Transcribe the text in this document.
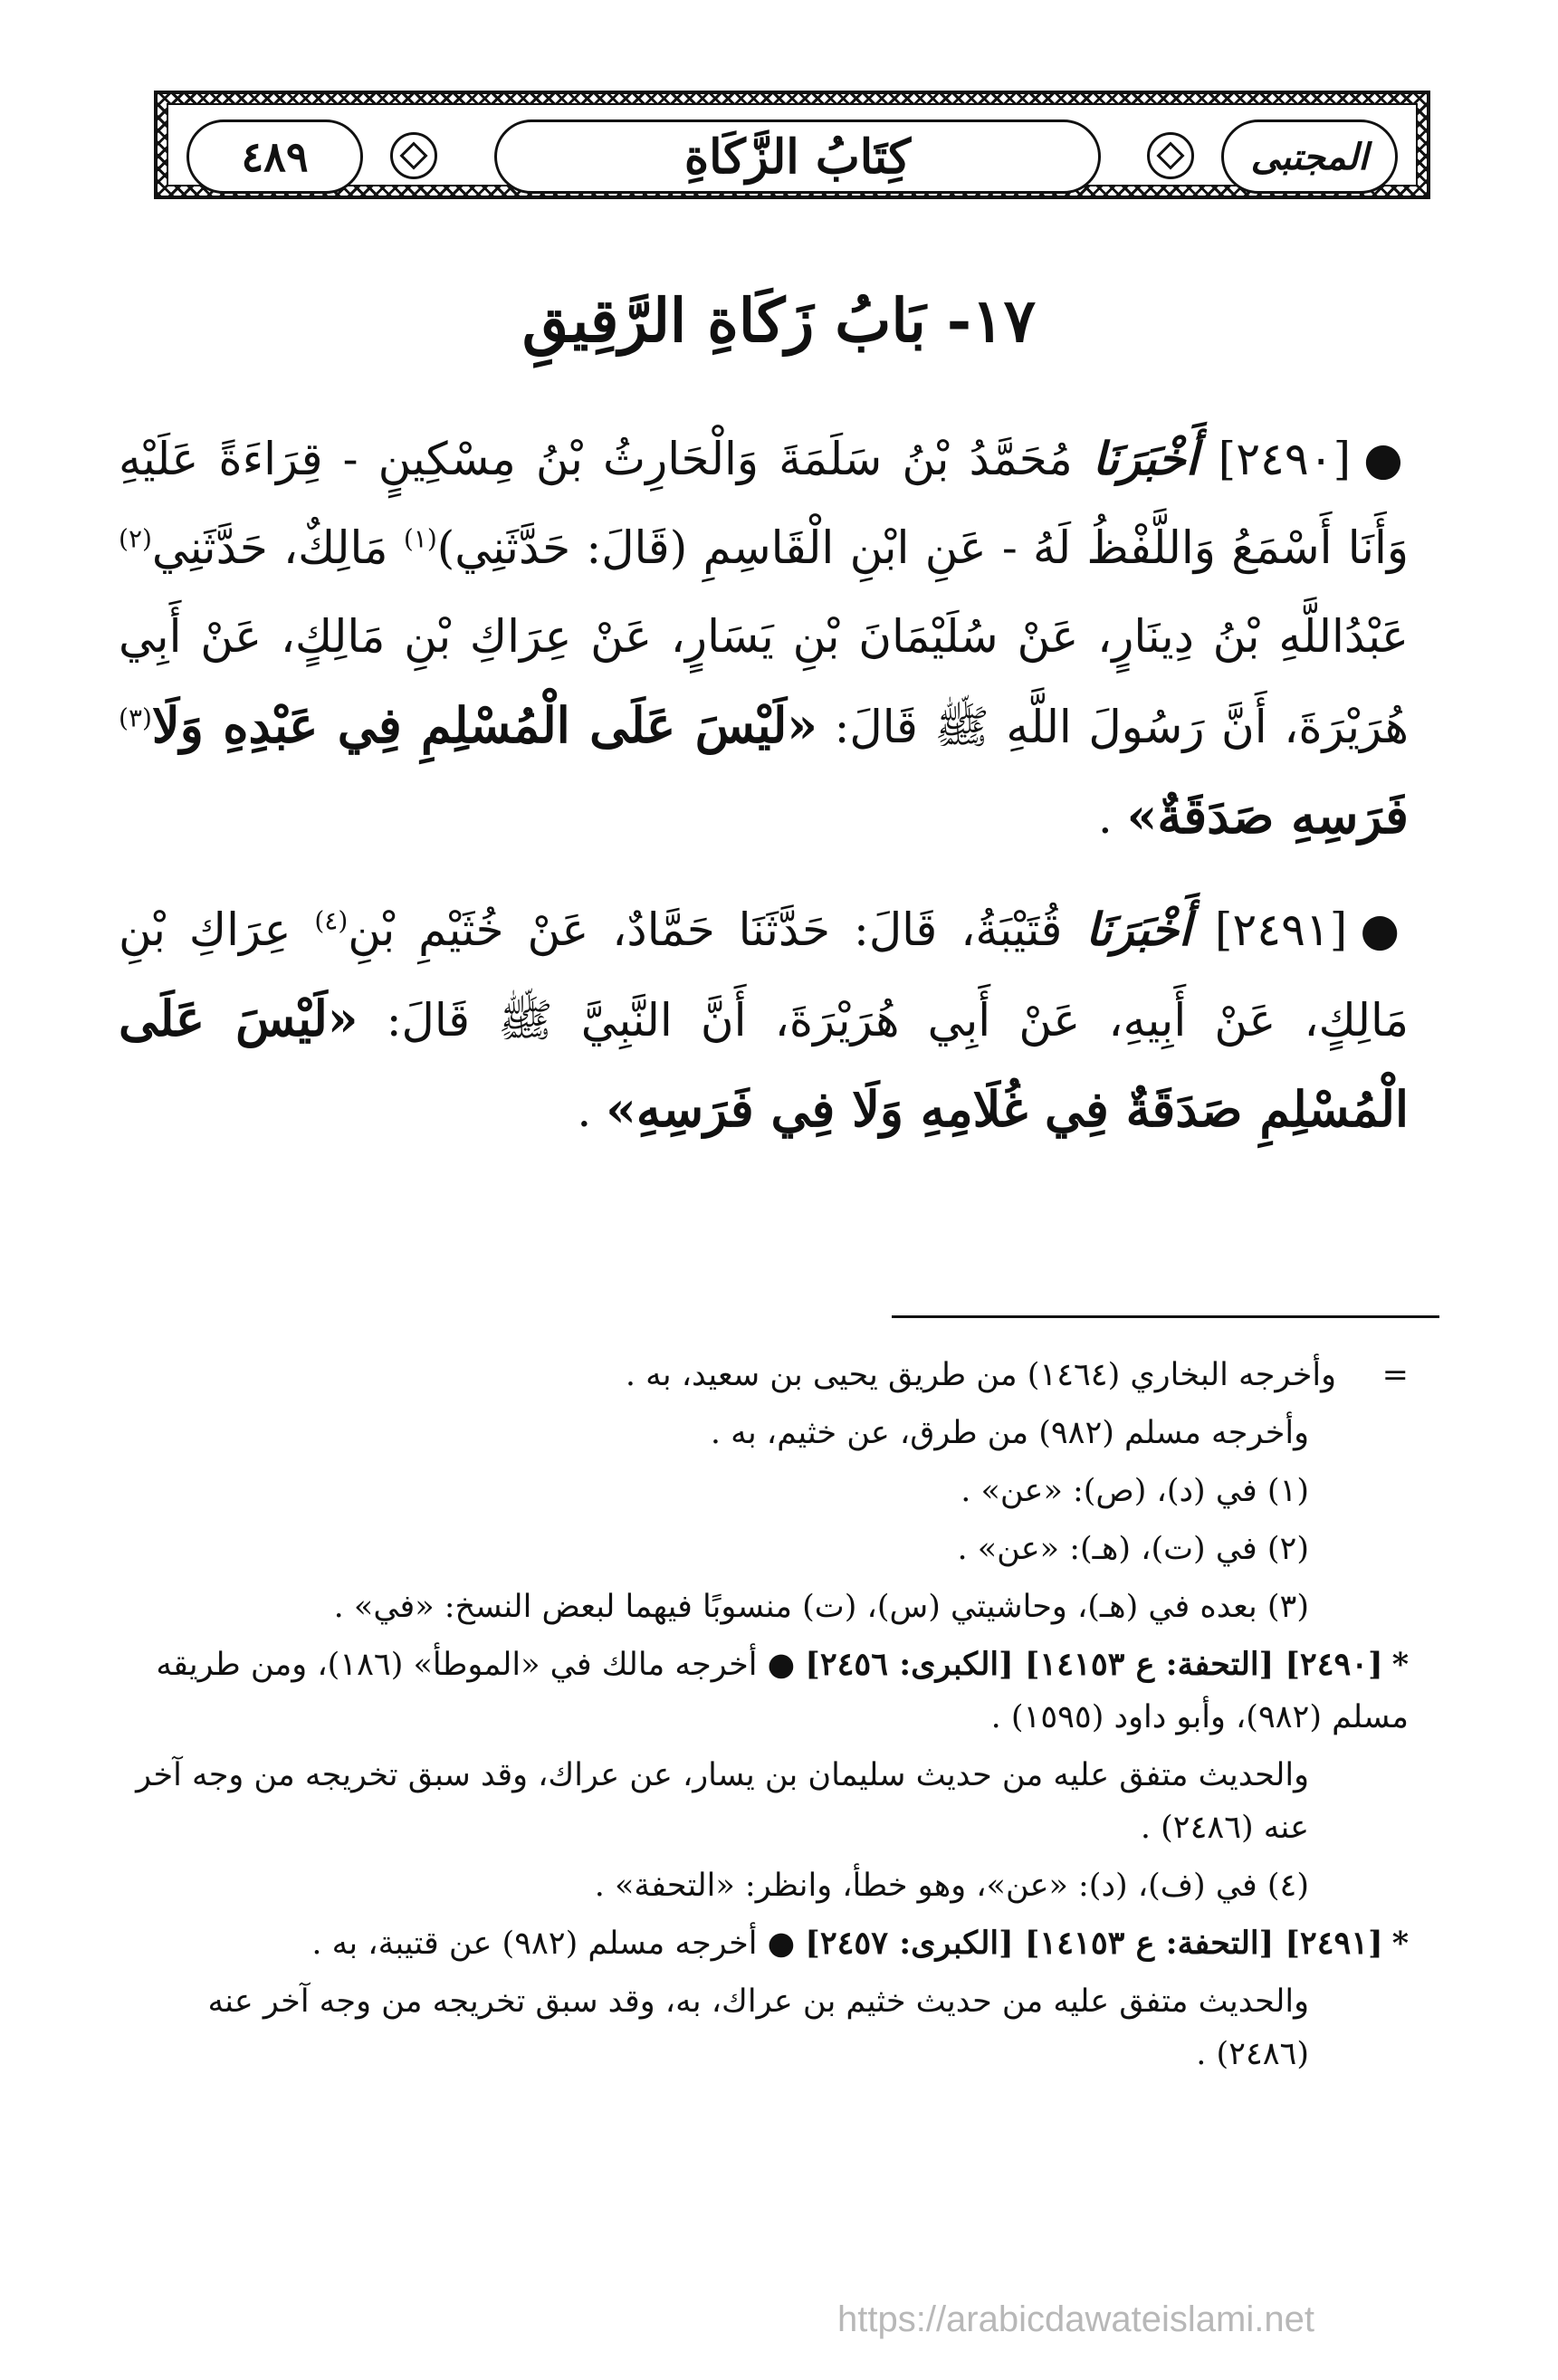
٤٨٩	كِتَابُ الزَّكَاةِ	المجتبى
١٧- بَابُ زَكَاةِ الرَّقِيقِ
●[٢٤٩٠] أَخْبَرَنَا مُحَمَّدُ بْنُ سَلَمَةَ وَالْحَارِثُ بْنُ مِسْكِينٍ - قِرَاءَةً عَلَيْهِ وَأَنَا أَسْمَعُ وَاللَّفْظُ لَهُ - عَنِ ابْنِ الْقَاسِمِ (قَالَ: حَدَّثَنِي)$^{(١)}$ مَالِكٌ، حَدَّثَنِي$^{(٢)}$ عَبْدُاللَّهِ بْنُ دِينَارٍ، عَنْ سُلَيْمَانَ بْنِ يَسَارٍ، عَنْ عِرَاكِ بْنِ مَالِكٍ، عَنْ أَبِي هُرَيْرَةَ، أَنَّ رَسُولَ اللَّهِ ﷺ قَالَ: «لَيْسَ عَلَى الْمُسْلِمِ فِي عَبْدِهِ وَلَا$^{(٣)}$ فَرَسِهِ صَدَقَةٌ» .
●[٢٤٩١] أَخْبَرَنَا قُتَيْبَةُ، قَالَ: حَدَّثَنَا حَمَّادٌ، عَنْ خُثَيْمِ بْنِ$^{(٤)}$ عِرَاكِ بْنِ مَالِكٍ، عَنْ أَبِيهِ، عَنْ أَبِي هُرَيْرَةَ، أَنَّ النَّبِيَّ ﷺ قَالَ: «لَيْسَ عَلَى الْمُسْلِمِ صَدَقَةٌ فِي غُلَامِهِ وَلَا فِي فَرَسِهِ» .
=وأخرجه البخاري (١٤٦٤) من طريق يحيى بن سعيد، به .
وأخرجه مسلم (٩٨٢) من طرق، عن خثيم، به .
(١) في (د)، (ص): «عن» .
(٢) في (ت)، (هـ): «عن» .
(٣) بعده في (هـ)، وحاشيتي (س)، (ت) منسوبًا فيهما لبعض النسخ: «في» .
*[٢٤٩٠] [التحفة: ع ١٤١٥٣] [الكبرى: ٢٤٥٦] ● أخرجه مالك في «الموطأ» (١٨٦)، ومن طريقه مسلم (٩٨٢)، وأبو داود (١٥٩٥) .
والحديث متفق عليه من حديث سليمان بن يسار، عن عراك، وقد سبق تخريجه من وجه آخر عنه (٢٤٨٦) .
(٤) في (ف)، (د): «عن»، وهو خطأ، وانظر: «التحفة» .
*[٢٤٩١] [التحفة: ع ١٤١٥٣] [الكبرى: ٢٤٥٧] ● أخرجه مسلم (٩٨٢) عن قتيبة، به .
والحديث متفق عليه من حديث خثيم بن عراك، به، وقد سبق تخريجه من وجه آخر عنه (٢٤٨٦) .
https://arabicdawateislami.net
